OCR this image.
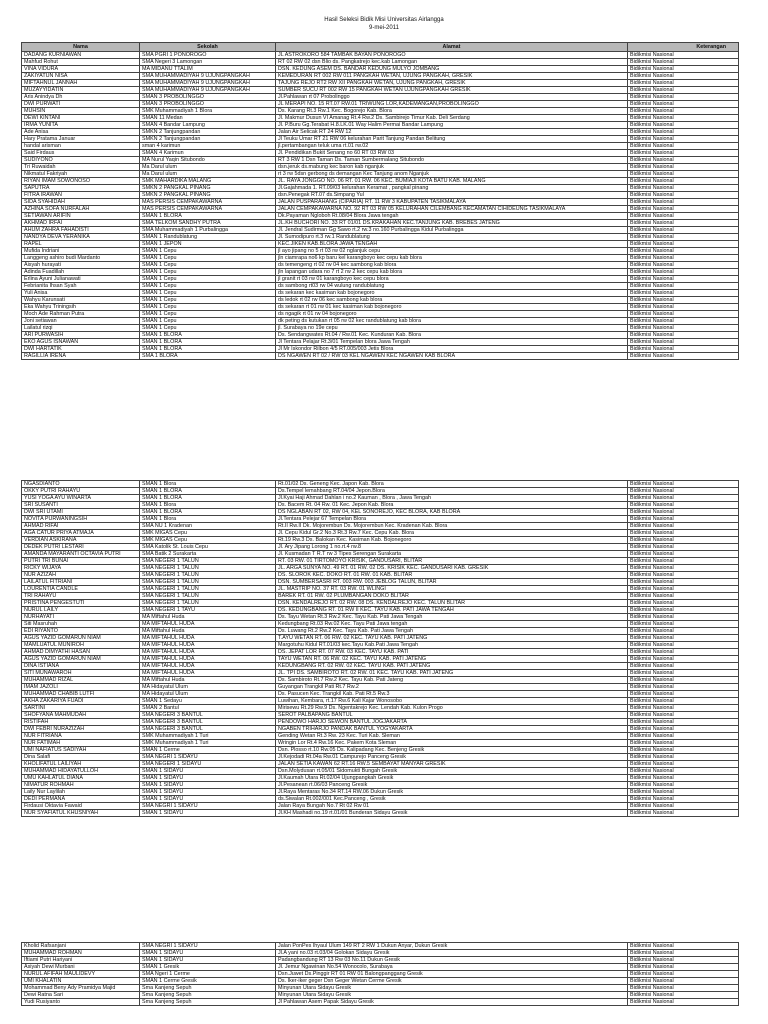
Hasil Seleksi Bidik Misi Universitas Airlangga
9-mei-2011
Nama	Sekolah	Alamat	Keterangan
DADANG KURNIAWAN	SMA PGRI 1 PONOROGO	JL ASTROKORO 584 TAMBAK BAYAN PONOROGO	Bidikmisi Nasional
Mahfud Rohut	SMA Negeri 3 Lamongan	RT 02 RW 02 dsn Blio ds. Pangkatrejo kec.kab Lamongan	Bidikmisi Nasional
VINA VIDURA	MA MIDANU TTALIM	DSN. KEDUNG ASEM DS. BANDAR KEDUNG MULYO JOMBANG	Bidikmisi Nasional
ZAKIYATUN NISA	SMA MUHAMMADIYAH 9 UJUNGPANGKAH	KEMEDURAN RT 002 RW 011 PANGKAH WETAN, UJUNG PANGKAH, GRESIK	Bidikmisi Nasional
MIFTAHNUL JANNAH	SMA MUHAMMADIYAH 9 UJUNGPANGKAH	TAJUNG REJO RT2 RW XII PANGKAH WETAN, UJUNG PANGKAH, GRESIK	Bidikmisi Nasional
MUZAYYIDATIN	SMA MUHAMMADIYAH 9 UJUNGPANGKAH	SUMBER SUCU RT 002 RW 15 PANGKAH WETAN UJUNGPANGKAH GRESIK	Bidikmisi Nasional
Aris Anindya Dh	SMAN 3 PROBOLINGGO	Jl.Pahlawan rt 07 Probolinggo	Bidikmisi Nasional
DWI PURWATI	SMAN 3 PROBOLINGGO	JL MERAPI NO. 15 RT.07 RW.01 TRIWUNG LOR,KADEMANGAN,PROBOLINGGO	Bidikmisi Nasional
MUHSIN	SMK Muhammadiyah 1 Blora	Ds. Karang Rt.3 Rw.1 Kec. Bogorejo Kab. Blora	Bidikmisi Nasional
DEWI KINTANI	SMAN 11 Medan	Jl. Makmur Dusun VI Amanag Rt.4 Rw.2 Ds. Sambirejo Timur Kab. Deli Serdang	Bidikmisi Nasional
IRMA YUNITA	SMAN 4 Bandar Lampung	Jl. P.Buru Gg.Terabat H.8.LK.01 Way Halim Permai Bandar Lampung	Bidikmisi Nasional
Ade Anisa	SMKN 2 Tanjungpandan	Jalan Air Selicak RT 24 RW 12	Bidikmisi Nasional
Hary Pratama Januar	SMKN 2 Tanjungpandan	Jl Teuku Umar RT 21 RW 06 kelurahan Parit Tanjung Pandan Belitung	Bidikmisi Nasional
handal arisman	sman 4 karimun	jl.pertambangan teluk uma rt.01 rw.02	Bidikmisi Nasional
Said Firdaus	SMAN 4 Karimun	Jl. Pendidikan Bukit Senang no 60 RT 03 RW 03	Bidikmisi Nasional
SUDIYONO	MA Nurul Yaqin Situbondo	RT 3 RW 1 Dsn Taman Ds. Taman Sumbermalang Situbondo	Bidikmisi Nasional
Tri Ruwaidah	Ma Darul ulum	dsn.jeruk ds.mabung kec baron kab nganjuk	Bidikmisi Nasional
Nikmatul Fakriyah	Ma Darul ulum	rt 3 rw 5dsn gerbong ds demangan Kec Tanjung anom Nganjuk	Bidikmisi Nasional
RIYAN IMAM SOWONOSO	SMK MAHARDIKA MALANG	JL. RAYA JONGGO NO. 06 RT. 01 RW. 06 KEC. BUMIAJI KOTA BATU KAB. MALANG	Bidikmisi Nasional
SAPUTRA	SMKN 2 PANGKAL PINANG	Jl.Gajahmada 1. RT.09/03 kelurahan Keramat , pangkal pinang	Bidikmisi Nasional
FITRA IRAWAN	SMKN 2 PANGKAL PINANG	dsn.Penegak RT.07 ds.Simpang Yul	Bidikmisi Nasional
SIDA SYAHIDAH	MAS PERSIS CEMPAKAWARNA	JALAN PUSPARAHANG (CIPARIA) RT. 11 RW 3 KABUPATEN TASIKMALAYA	Bidikmisi Nasional
AZHINA SOFA NURFALAH	MAS PERSIS CEMPAKAWARNA	JALAN CEMPAKAWARNA NO. 92 RT 03 RW 05 KELURAHAN CILEMBANG KECAMATAN CIHIDEUNG TASIKMALAYA	Bidikmisi Nasional
SETIAWAN ARIFIN	SMAN 1 BLORA	Dk.Payaman Ngloboh Rt.08/04 Blora Jawa tengah	Bidikmisi Nasional
AKHMAD IRFAI	SMA TELKOM SANDHY PUTRA	JL.KH BUCHORI NO. 33 RT 01/01 DS.KRAKAHAN KEC.TANJUNG KAB. BREBES JATENG	Bidikmisi Nasional
AHUM ZAHRA FAHADISTI	SMA Muhammadiyah 1 Purbalingga	Jl. Jendral Sudirman Gg Sawo rt.2 rw.3 no.160 Purbalingga Kidul Purbalingga	Bidikmisi Nasional
NANDYA DEVA YERANIKA	SMAN 1 Randublatung	Jl. Sumodipuro rt.3 rw.1 Randublatung	Bidikmisi Nasional
RAPEL	SMAN 1 JEPON	KEC.JIKEN KAB.BLORA JAWA TENGAH	Bidikmisi Nasional
Mufida Indriani	SMAN 1 Cepu	jl ayo jipang no 5 rt 03 rw 02 nglanjuk cepu	Bidikmisi Nasional
Langgeng ashiro budi Mardanto	SMAN 1 Cepu	jln ciamrapa no6 kp baru kel karangboyo kec cepu kab blora	Bidikmisi Nasional
Aisyah hurayati	SMAN 1 Cepu	ds temengeng rt 02 rw 04 kec sambong kab blora	Bidikmisi Nasional
Adinda Fuadillah	SMAN 1 Cepu	jln lapangan udara no 7 rt 2 rw 2 kec cepu kab blora	Bidikmisi Nasional
Erlina Ayuni Julianawati	SMAN 1 Cepu	jl granit rt 03 rw 01 karangboyo kec cepu blora	Bidikmisi Nasional
Febrianita Ihsan Syah	SMAN 1 Cepu	ds sambong rt03 rw 04 wulung randublatung	Bidikmisi Nasional
Yuli Anisa	SMAN 1 Cepu	ds sekaran kec kasiman kab bojonegoro	Bidikmisi Nasional
Wahyu Karunsati	SMAN 1 Cepu	ds ledok rt 02 rw 06 kec sambong kab blora	Bidikmisi Nasional
Eka Wahyu Triningsih	SMAN 1 Cepu	ds sekaran rt 01 rw 01 kec kasiman kab bojonegoro	Bidikmisi Nasional
Moch Ade Rahman Putra	SMAN 1 Cepu	ds ngagik rt 01 rw 04 bojonegoro	Bidikmisi Nasional
Joni setiawan	SMAN 1 Cepu	dk peting ds kutukan rt 05 rw 02 kec randublatung kab blora	Bidikmisi Nasional
Lailatul rizqi	SMAN 1 Cepu	jl. Surabaya no 19e cepu	Bidikmisi Nasional
ARI PURWASIH	SMAN 1 BLORA	Ds. Sendangwates Rt.04 / Rw.01 Kec. Kunduran Kab. Blora	Bidikmisi Nasional
EKO AGUS ISNAWAN	SMAN 1 BLORA	Jl Tentara Pelajar Rt.3/01 Tempelan blora Jawa Tengah	Bidikmisi Nasional
DWI HARTATIK	SMAN 1 BLORA	Jl Mr Iskondor Rilbon 4/5 RT.005/003 Jetis Blora	Bidikmisi Nasional
RAGILLIA IRENA	SMA 1 BLORA	DS NGAWEN RT 02 / RW 03 KEL NGAWEN KEC NGAWEN KAB BLORA	Bidikmisi Nasional
NGASDIANTO	SMAN 1 Blora	Rt.01/02 Ds. Geneng Kec. Japon Kab. Blora	Bidikmisi Nasional
OKKY PUTRI RAHAYU	SMAN 1 BLORA	Ds.Tempel lemahbang RT.04/04 Jepon.Blora	Bidikmisi Nasional
YUSI YOGA AYU WINARTA	SMAN 1 BLORA	Jl.Kyai Haji Ahmad Dahlan i no.2 Kauman , Blora , Jawa Tengah	Bidikmisi Nasional
SRI SUSANTI	SMAN 1 Blora	Ds. Bacem Rt. 04 Rw. 01 Kec. Jepon Kab. Blora	Bidikmisi Nasional
DWI SRI UTAMI	SMAN 1 BLORA	DS NGLABAN RT 02, RW 04, KEL SONOREJO, KEC BLORA, KAB BLORA	Bidikmisi Nasional
NOVITA PURWANINGSIH	SMAN 1 Blora	Jl.Tentara Pelejar 67 Tempelan Blora	Bidikmisi Nasional
AHMAD RIFAI	SMA NU 1 Kradenan	Rt.II Rw.II Dk. Mojorembun Ds. Mojorembun Kec. Kradenan Kab. Blora	Bidikmisi Nasional
AGA CATUR PRIYA ATMAJA	SMK MIGAS Cepu	Jl. Cepu Kidul Gr.2 No.3 Rt.3 Rw.7 Kec. Cepu Kab. Blora	Bidikmisi Nasional
VERDIAN ASKIRANA	SMK MIGAS Cepu	Rt.19 Rw.3 Ds. Balokan Kec. Kasiman Kab. Bojonegoro	Bidikmisi Nasional
DEDEK PUTRI LESTARI	SMA Katolik St. Louis Cepu	Jl. Ary Jipang Lorong 1 no.rt.4 rw.8	Bidikmisi Nasional
AMANDA MAYARANTI OCTAVIA PUTRI	SMA Batik 2 Surakarta	Jl. Kusmadan T R.T rw 3 Tipes Serengan Surakarta	Bidikmisi Nasional
PUTRI TRI BUNAI	SMA NEGERI 1 TALUN	RT. 03 RW. 01 TIRTOMOYO KRISIK, GANDUSARI, BLITAR	Bidikmisi Nasional
RICKY WIJAYA	SMA NEGERI 1 TALUN	JL. ARGA SUNYA NO. 49 RT. 01 RW. 02 DS. KRISIK KEC. GANDUSARI KAB. GRESIK	Bidikmisi Nasional
NUR AZIZAH	SMA NEGERI 1 TALUN	DS. SLOROK KEC. DOKO RT. 01 RW. 01 KAB. BLITAR	Bidikmisi Nasional
LAILATUL FITRIANI	SMA NEGERI 1 TALUN	DSN. SUMBERSASRI RT. 003 RW. 003 JEBLOG TALUN, BLITAR	Bidikmisi Nasional
LOURENTIA CANDLE	SMA NEGERI 1 TALUN	JL. MASTRIP NO. 37 RT. 03 RW. 01 WLINGI	Bidikmisi Nasional
TRI RAHAYU	SMA NEGERI 1 TALUN	BAREK RT. 01 RW. 02 PLUMBANGAN DOKO BLITAR	Bidikmisi Nasional
PRISTINA PENGESTUTI	SMA NEGERI 1 TALUN	DSN. KENDALREJO RT. 02 RW. 08 DS. KENDALREJO KEC. TALUN BLITAR	Bidikmisi Nasional
NURUL LAILY	SMA NEGERI 1 TAYU	DS. KEDUNGBANG RT. 01 RW II KEC. TAYU KAB. PATI JAWA TENGAH	Bidikmisi Nasional
NURHAYATI	MA Miftahul Huda	Ds. Tayu Wetan Rt.3 Rw.2 Kec. Tayu Kab. Pati Jawa Tengah	Bidikmisi Nasional
Siti Masruhah	MA MIFTAHUL HUDA	Kedungbang Rt.03 Rw.02 Kec. Tayu Pati Jawa tengah	Bidikmisi Nasional
EDI RIYANTO	MA Miftahul Huda	Ds. Luwang Rt.2 Rw.2 Kec. Tayu Kab. Pati Jawa Tengah	Bidikmisi Nasional
AGUS YAZID GOMARUN NIAM	MA MIFTAHUL HUDA	T.AYU WETAN RT. 06 RW. 02 KEC. TAYU KAB. PATI JATENG	Bidikmisi Nasional
MAMLUATUL MUNIROH	MA MIFTAHUL HUDA	Margotuhu Kidul RT.01/03 kec.Tayu Kab.Pati Jawa Tengah	Bidikmisi Nasional
AHMAD DIMYATHI HASAN	MA MIFTAHUL HUDA	DS. JEPAT LOR RT. 07 RW. 03 KEC. TAYU KAB. PATI	Bidikmisi Nasional
AGUS YAZID GOMARUN NIAM	MA MIFTAHUL HUDA	TAYU WETAN RT. 06 RW. 02 KEC. TAYU KAB. PATI JATENG	Bidikmisi Nasional
DINA ISTIANA	MA MIFTAHUL HUDA	KEDUNGBANG RT. 02 RW. 02 KEC. TAYU KAB. PATI JATENG	Bidikmisi Nasional
SITI MUNAWAROH	MA MIFTAHUL HUDA	JL. TPI DS. SAMBIROTO RT. 02 RW. 01 KEC. TAYU KAB. PATI JATENG	Bidikmisi Nasional
MUHAMMAD RIZAL	MA Miftahul Huda	Ds. Sambiroto Rt.7 Rw.2 Kec. Tayu Kab. Pati Jateng	Bidikmisi Nasional
IMAM JAZOLI	MA Hidayatul Ulum	Guyangan Trangkil Pati Rt.7 Rw.2	Bidikmisi Nasional
MUHAMMAD CHABIB LUTFI	MA Hidayatul Ulum	Ds. Pasucen Kec. Trangkil Kab. Pati Rt.5 Rw.3	Bidikmisi Nasional
AKHA ZAKARIYA FUADI	SMAN 1 Sedayu	Luwihan, Kembara, rt.17 Rw.6 Kali Kajar Wonosobo	Bidikmisi Nasional
SARTINI	SMAN 2 Bantul	Mirisewu Rt.29 Rw.9 Ds. Ngentakrejo Kec. Lendah Kab. Kulon Progo	Bidikmisi Nasional
SHOFYANA MAHMUDAH	SMA NEGERI 3 BANTUL	SEROT PALBAPANG BANTUL	Bidikmisi Nasional
RISTIFAH	SMA NEGERI 3 BANTUL	PENDOWO HARJO SEWON BANTUL JOGJAKARTA	Bidikmisi Nasional
DWI FEBRI NURAZIZAH	SMA NEGERI 3 BANTUL	NGABEN TRIHARJO PANDAK BANTUL YOGYAKARTA	Bidikmisi Nasional
NUR FITRIANA	SMK Muhammadiyah 1 Turi	Gending Wetan Rt.3 Rw. 23 Kec. Turi Kab. Sleman	Bidikmisi Nasional
NUR FATIMAH	SMK Muhammadiyah 1 Turi	Wringin Lor Rt.4 Rw.16 Kec. Pakem Kota Sleman	Bidikmisi Nasional
UMI NAFIATUS SADIYAH	SMAN 1 Cerme	Dsn. Plosso rt.10 Rw.05 Ds. Kalipadang Kec. Benjeng Gresik	Bidikmisi Nasional
Dina Salafi	SMA NEGRI 1 SIDAYU	Jl.Kejodadi Rt.04a Rw.01 Campurejo Panceng Gresik	Bidikmisi Nasional
KHOLIFATUL LAILIYAH	SMA NEGERI 1 SIDAYU	JALAN SETIA KAWAN 62 RT.16 RW.5 SEMBAYAT MANYAR GRESIK	Bidikmisi Nasional
MUHAMMAD HIDAYATULLOH	SMAN 1 SIDAYU	Dsn.Molydusan rt.05/01 Sidomukti Bungah Gresik	Bidikmisi Nasional
UMU KAHLATUL DIANA	SMAN 1 SIDAYU	Jl.Kaumah Utara Rt.02/04 Ujungpangkah Gresik	Bidikmisi Nasional
NIMATUR ROHMAH	SMAN 1 SIDAYU	Jl.Pesanean rt.06/03 Panceng Gresik	Bidikmisi Nasional
Laily Nur Laylilah	SMAN 1 SIDAYU	Jl.Raya Mentaras No.34 RT.14 RW.06 Dukun Gresik	Bidikmisi Nasional
DEDI PERMANA	SMAN 1 SIDAYU	ds.Siwalan Rt.002/001 Kec.Panceng , Gresik	Bidikmisi Nasional
Firdausi Oktavia Fawaid	SMA NEGRI 1 SIDAYU	Jalan Raya Bungah No.7 Rt 02 Rw 01	Bidikmisi Nasional
NUR SYAFIATUL KHUSNIYAH	SMAN 1 SIDAYU	Jl.KH Mashadi no.19 rt.01/01 Bunderan Sidayu Gresik	Bidikmisi Nasional
Kholid Rafsanjani	SMA NEGRI 1 SIDAYU	Jalan PonPes Ihyaul Ulum 149 RT 2 RW 1 Dukun Anyar, Dukun Gresik	Bidikmisi Nasional
MUHAMMAD ROHMAN	SMAN 1 SIDAYU	Jl.A yani no.03 rt.03/04 Golokan Sidayu Gresik	Bidikmisi Nasional
Iftiami Putri Hariyani	SMAN 1 SIDAYU	Padangbandung RT 13 Rw 03 No.11 Dukun Gresik	Bidikmisi Nasional
Asiyah Dewi Murbani	SMAN 1 Gresik	Jl. Jemur Ngawinan No.54 Wonocolo, Surabaya	Bidikmisi Nasional
NURUL AFIFAH MAULIDEVY	SMA Ngeri 1 Cerme	Dsn.Juwet Ds.Pinggir RT 01 RW 01 Balongpanggang Gresik	Bidikmisi Nasional
UMI KHALATIN	SMAN 1 Cerme Gresik	Ds. Iker-iker geger Dsn Geger Wetan Cerme Gresik	Bidikmisi Nasional
Mohammad Beny Ady Pramidya Majid	Sma Kanjeng Sepuh	Minyunan Utara Sidayu Gresik	Bidikmisi Nasional
Dewi Ratna Sari	Sma Kanjeng Sepuh	Minyunan Utara Sidayu Gresik	Bidikmisi Nasional
Yudi Rusiyanto	Sma Kanjeng Sepuh	Jl Pahlawan Asem Papak Sidayu Gresik	Bidikmisi Nasional
